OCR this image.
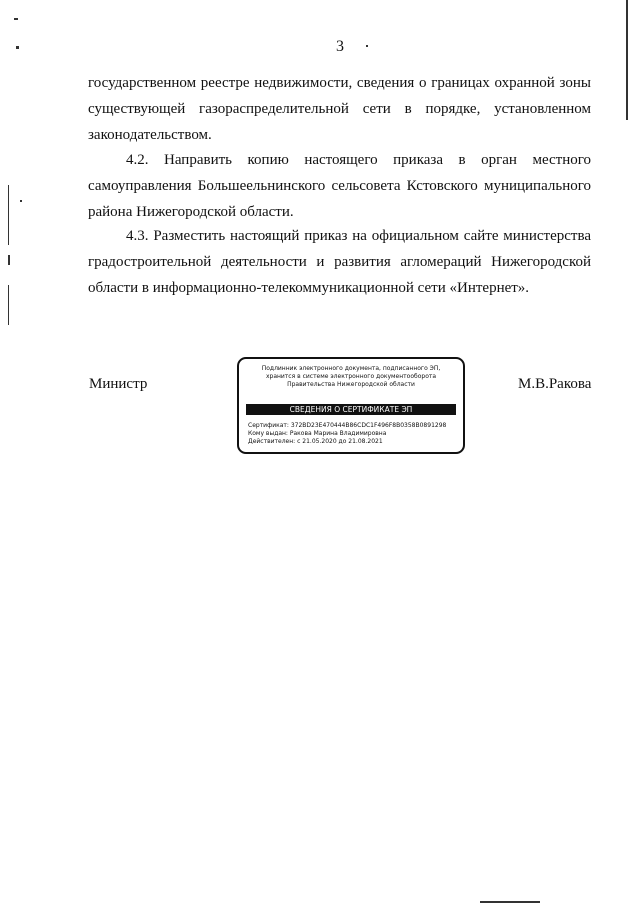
3
государственном реестре недвижимости, сведения о границах охранной зоны существующей газораспределительной сети в порядке, установленном законодательством.
4.2. Направить копию настоящего приказа в орган местного самоуправления Большеельнинского сельсовета Кстовского муниципального района Нижегородской области.
4.3. Разместить настоящий приказ на официальном сайте министерства градостроительной деятельности и развития агломераций Нижегородской области в информационно-телекоммуникационной сети «Интернет».
Министр	М.В.Ракова
Подлинник электронного документа, подписанного ЭП, хранится в системе электронного документооборота Правительства Нижегородской области
СВЕДЕНИЯ О СЕРТИФИКАТЕ ЭП
Сертификат: 372BD23E470444B86CDC1F496F8B0358B0891298
Кому выдан: Ракова Марина Владимировна
Действителен: с 21.05.2020 до 21.08.2021
